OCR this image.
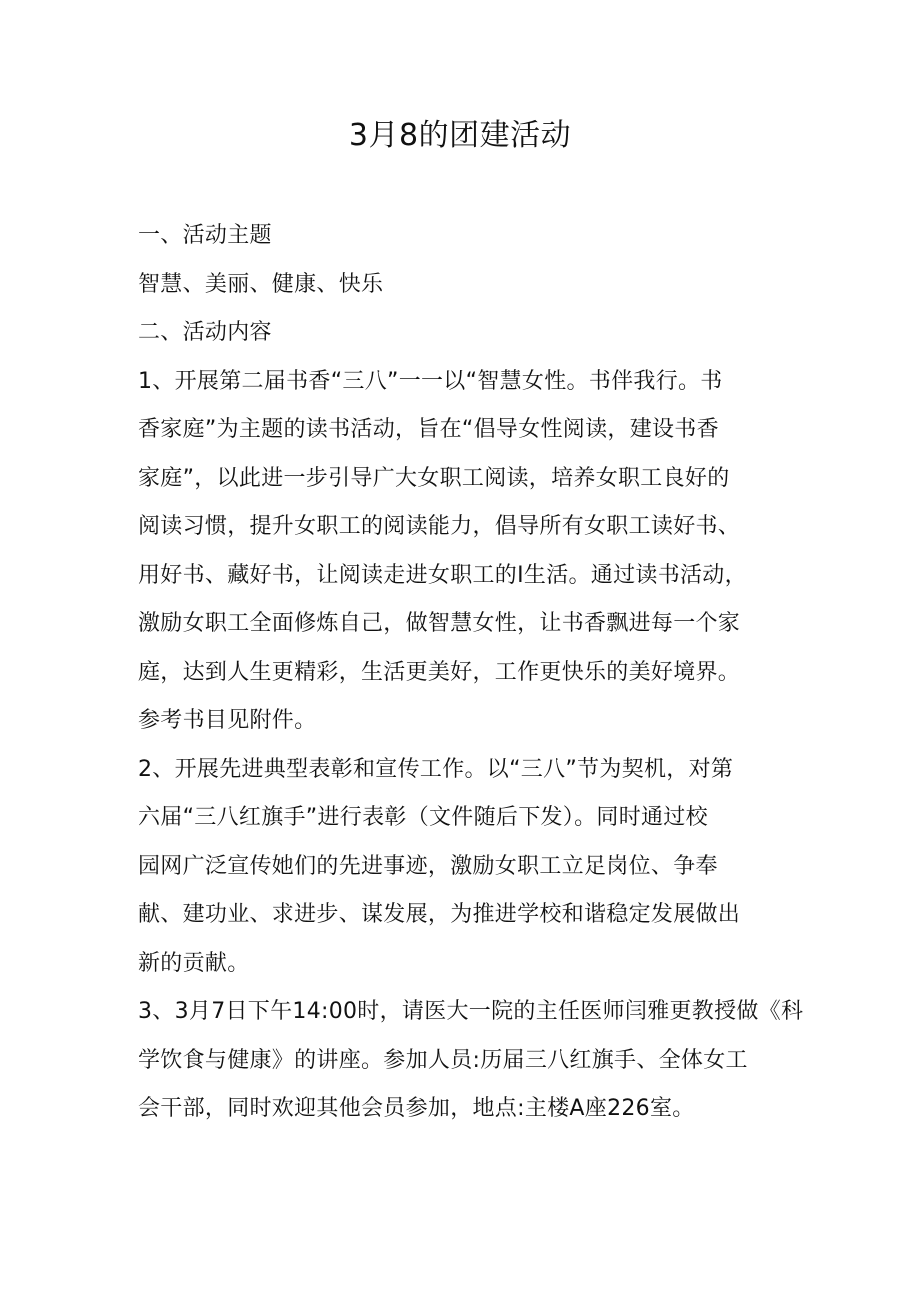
3月8的团建活动

一、活动主题

智慧、美丽、健康、快乐

二、活动内容

1、开展第二届书香“三八”一一以“智慧女性。书伴我行。书

香家庭”为主题的读书活动，旨在“倡导女性阅读，建设书香

家庭”，以此进一步引导广大女职工阅读，培养女职工良好的

阅读习惯，提升女职工的阅读能力，倡导所有女职工读好书、

用好书、藏好书，让阅读走进女职工的I生活。通过读书活动，

激励女职工全面修炼自己，做智慧女性，让书香飘进每一个家

庭，达到人生更精彩，生活更美好，工作更快乐的美好境界。

参考书目见附件。

2、开展先进典型表彰和宣传工作。以“三八”节为契机，对第

六届“三八红旗手”进行表彰（文件随后下发）。同时通过校

园网广泛宣传她们的先进事迹，激励女职工立足岗位、争奉

献、建功业、求进步、谋发展，为推进学校和谐稳定发展做出

新的贡献。

3、3月7日下午14:00时，请医大一院的主任医师闫雅更教授做《科

学饮食与健康》的讲座。参加人员:历届三八红旗手、全体女工

会干部，同时欢迎其他会员参加，地点:主楼A座226室。
